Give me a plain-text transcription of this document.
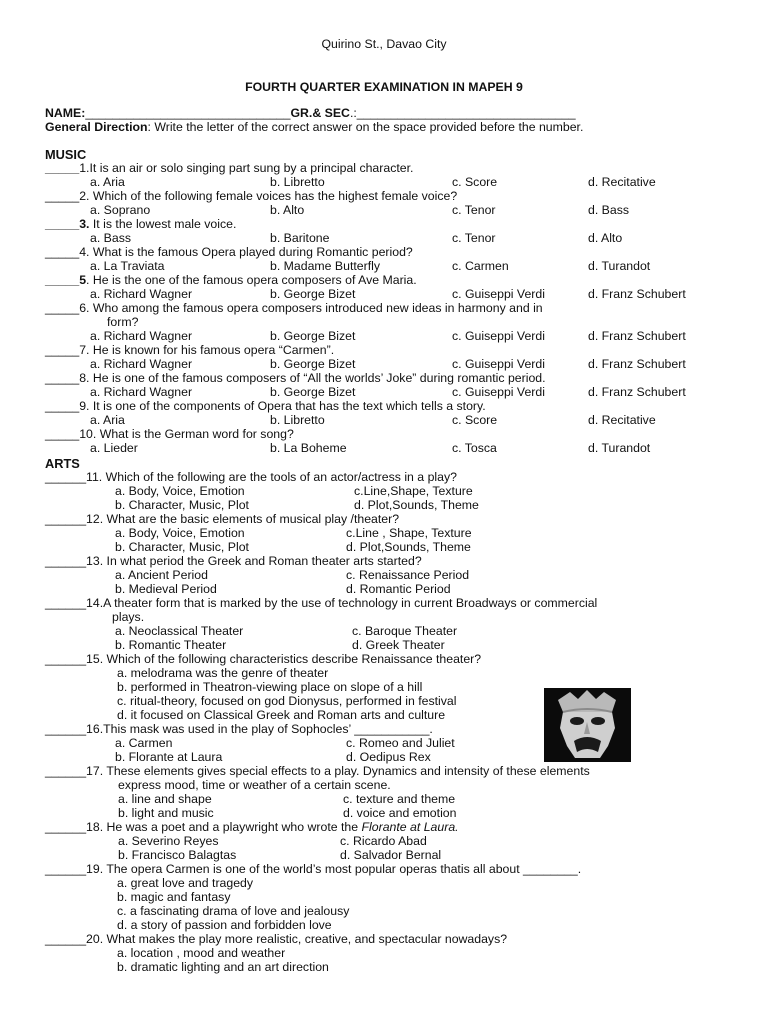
Quirino St., Davao City
FOURTH QUARTER EXAMINATION IN MAPEH 9
NAME:______________________________GR.& SEC.:________________________________
General Direction: Write the letter of the correct answer on the space provided before the number.
MUSIC
_____1.It is an air or solo singing part sung by a principal character.
a. Aria	b. Libretto	c. Score	d. Recitative
_____2. Which of the following female voices has the highest female voice?
a. Soprano	b. Alto	c. Tenor	d. Bass
_____3. It is the lowest male voice.
a. Bass	b. Baritone	c. Tenor	d. Alto
_____4. What is the famous Opera played during Romantic period?
a. La Traviata	b. Madame Butterfly	c. Carmen	d. Turandot
_____5. He is the one of the famous opera composers of Ave Maria.
a. Richard Wagner	b. George Bizet	c. Guiseppi Verdi	d. Franz Schubert
_____6. Who among the famous opera composers introduced new ideas in harmony and in
form?
a. Richard Wagner	b. George Bizet	c. Guiseppi Verdi	d. Franz Schubert
_____7. He is known for his famous opera “Carmen”.
a. Richard Wagner	b. George Bizet	c. Guiseppi Verdi	d. Franz Schubert
_____8. He is one of the famous composers of “All the worlds’ Joke” during romantic period.
a. Richard Wagner	b. George Bizet	c. Guiseppi Verdi	d. Franz Schubert
_____9. It is one of the components of Opera that has the text which tells a story.
a. Aria	b. Libretto	c. Score	d. Recitative
_____10. What is the German word for song?
a. Lieder	b. La Boheme	c. Tosca	d. Turandot
ARTS
______11. Which of the following are the tools of an actor/actress in a play?
a. Body, Voice, Emotion	c.Line,Shape, Texture
b. Character, Music, Plot	d. Plot,Sounds, Theme
______12. What are the basic elements of musical play /theater?
a. Body, Voice, Emotion	c.Line , Shape, Texture
b. Character, Music, Plot	d. Plot,Sounds, Theme
______13. In what period the Greek and Roman theater arts started?
a. Ancient Period	c. Renaissance Period
b. Medieval Period	d. Romantic Period
______14.A theater form that is marked by the use of technology in current Broadways or commercial
plays.
a. Neoclassical Theater	c. Baroque Theater
b. Romantic Theater	d. Greek Theater
______15. Which of the following characteristics describe Renaissance theater?
a. melodrama was the genre of theater
b. performed in Theatron-viewing place on slope of a hill
c. ritual-theory, focused on god Dionysus, performed in festival
d. it focused on Classical Greek and Roman arts and culture
______16.This mask was used in the play of Sophocles’ ___________.
a. Carmen	c. Romeo and Juliet
b. Florante at Laura	d. Oedipus Rex
______17. These elements gives special effects to a play. Dynamics and intensity of these elements
express mood, time or weather of a certain scene.
a. line and shape	c. texture and theme
b. light and music	d. voice and emotion
______18. He was a poet and a playwright who wrote the Florante at Laura.
a. Severino Reyes	c. Ricardo Abad
b. Francisco Balagtas	d. Salvador Bernal
______19. The opera Carmen is one of the world’s most popular operas thatis all about ________.
a. great love and tragedy
b. magic and fantasy
c. a fascinating drama of love and jealousy
d. a story of passion and forbidden love
______20. What makes the play more realistic, creative, and spectacular nowadays?
a. location , mood and weather
b. dramatic lighting and an art direction
